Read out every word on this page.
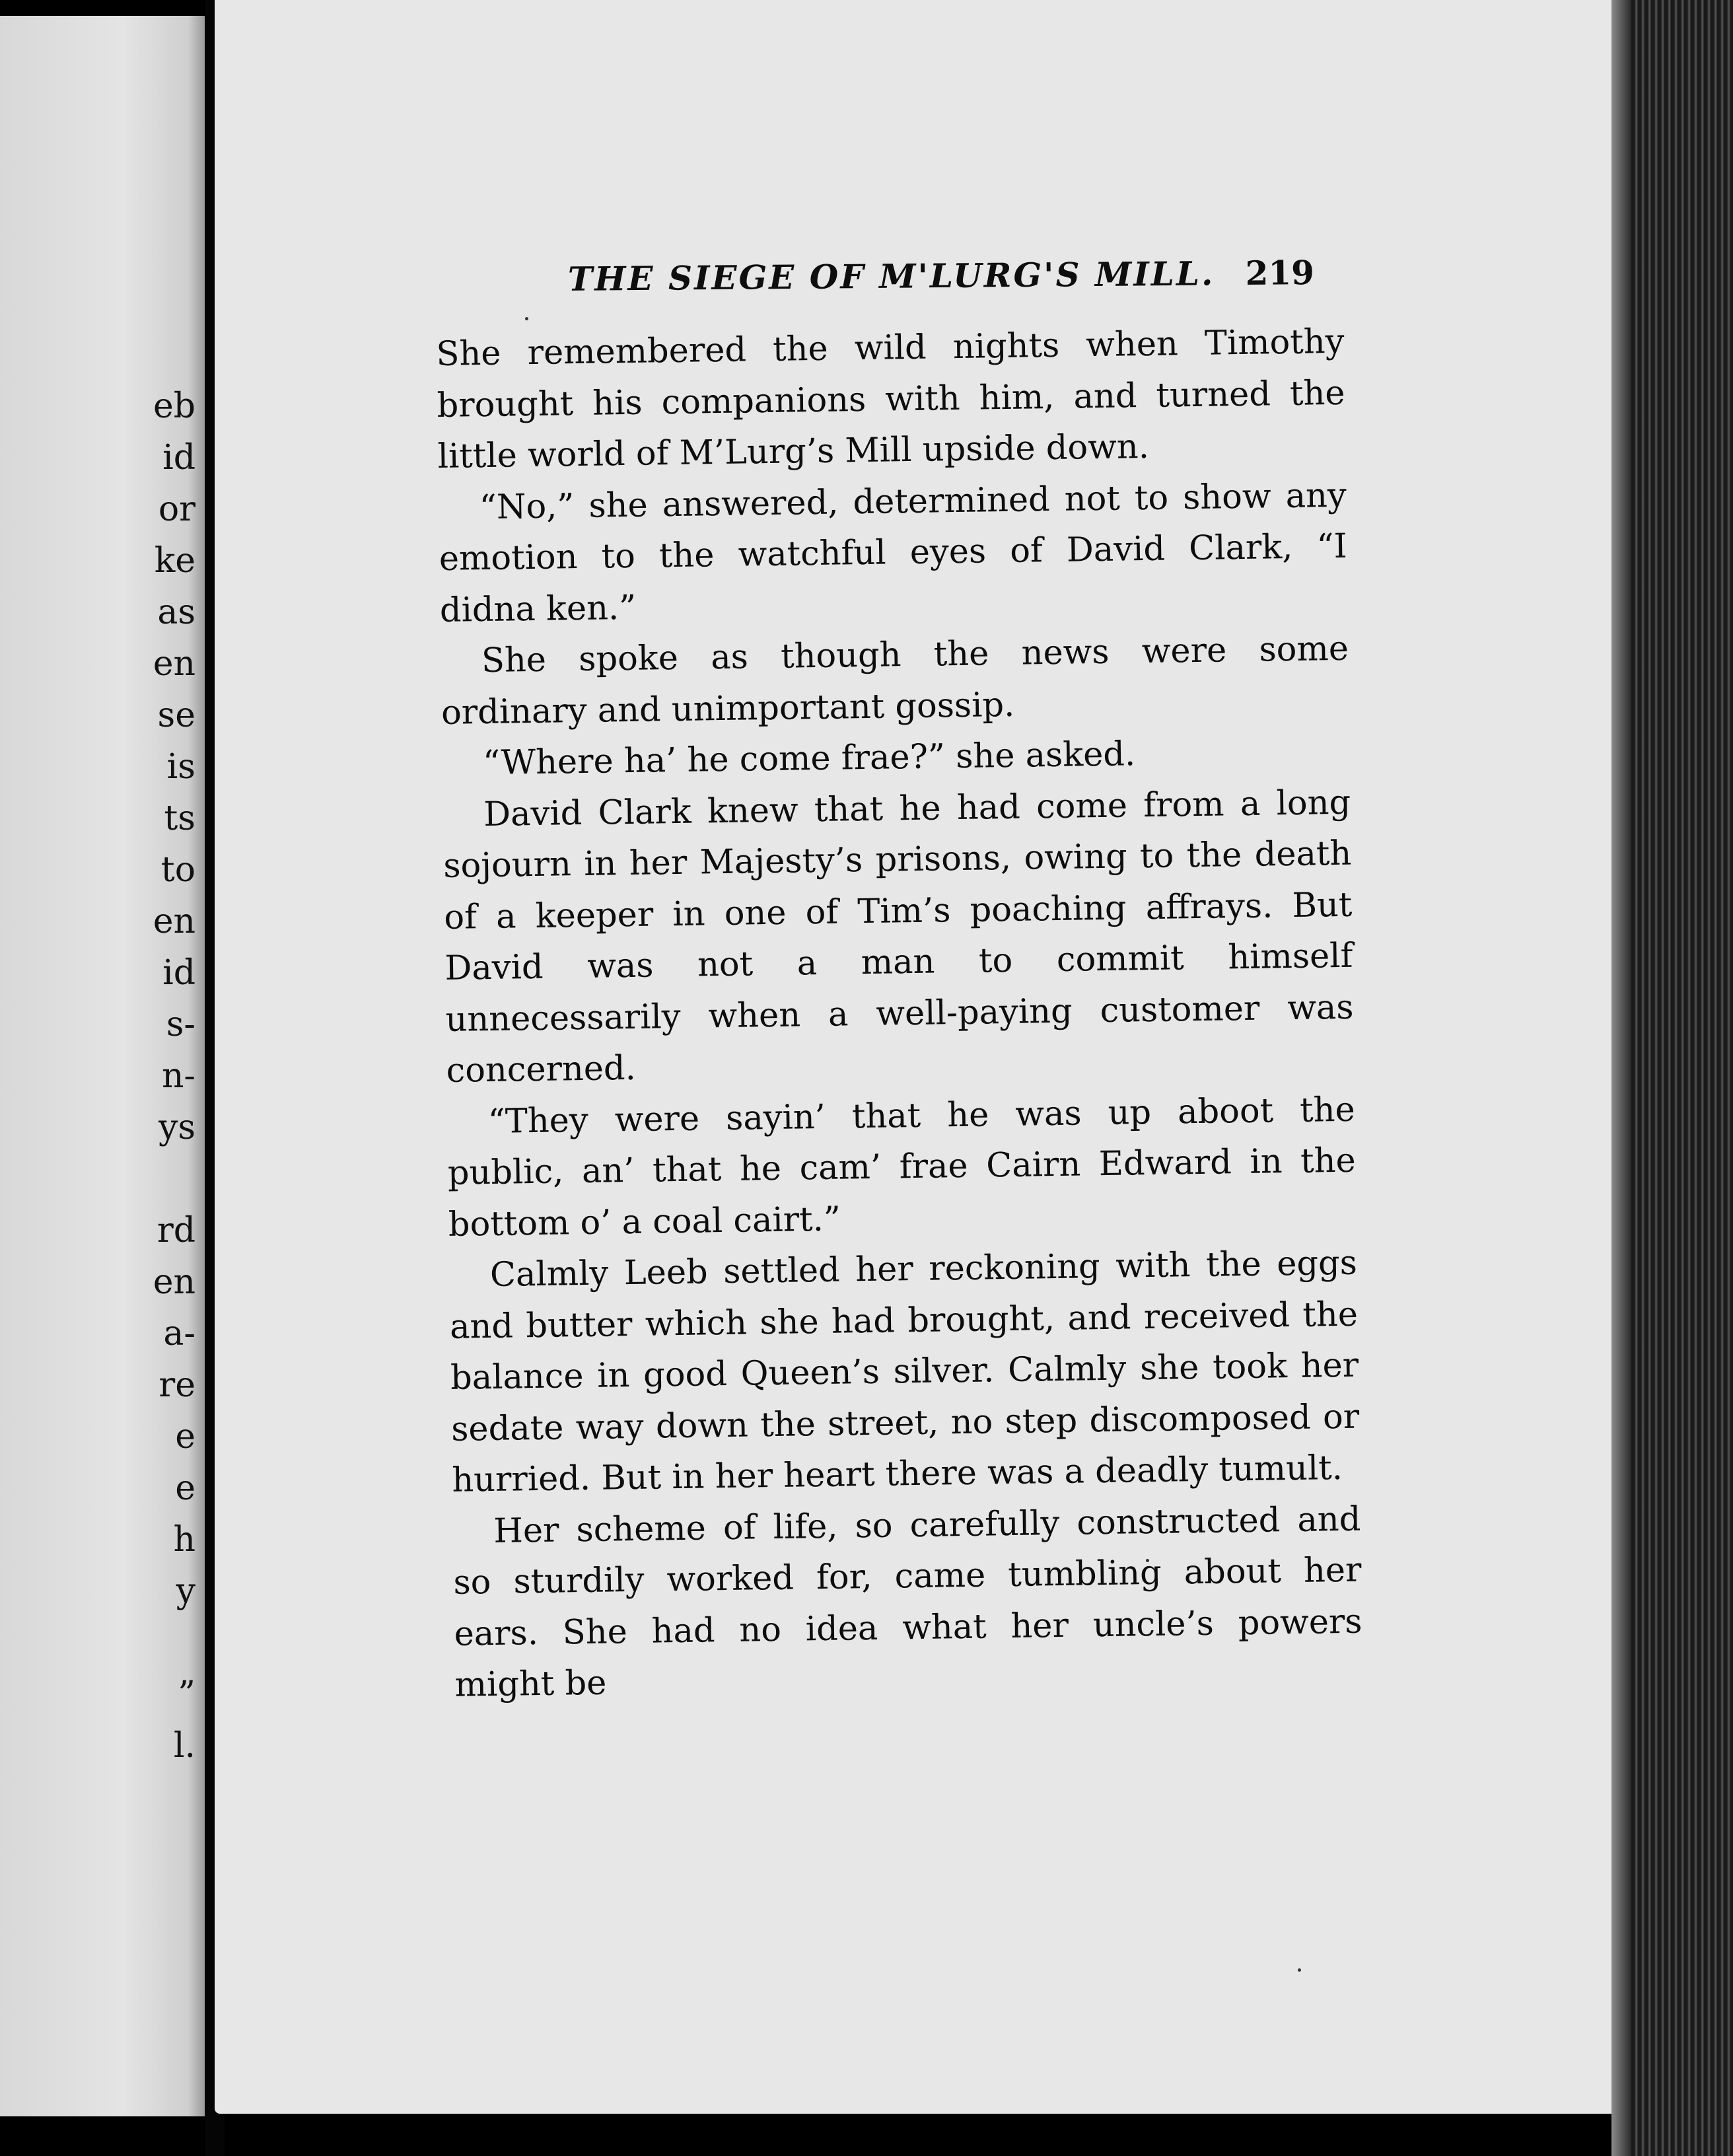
eb
id
or
ke
as
en
se
is
ts
to
en
id
s-
n-
ys
rd
en
a-
re
e
e
h
y
”
l.
THE SIEGE OF M'LURG'S MILL. 219

She remembered the wild nights when Timothy brought his companions with him, and turned the little world of M’Lurg’s Mill upside down.

“No,” she answered, determined not to show any emotion to the watchful eyes of David Clark, “I didna ken.”

She spoke as though the news were some ordinary and unimportant gossip.

“Where ha’ he come frae?” she asked.

David Clark knew that he had come from a long sojourn in her Majesty’s prisons, owing to the death of a keeper in one of Tim’s poaching affrays. But David was not a man to commit himself unnecessarily when a well-paying customer was concerned.

“They were sayin’ that he was up aboot the public, an’ that he cam’ frae Cairn Edward in the bottom o’ a coal cairt.”

Calmly Leeb settled her reckoning with the eggs and butter which she had brought, and received the balance in good Queen’s silver. Calmly she took her sedate way down the street, no step discomposed or hurried. But in her heart there was a deadly tumult.

Her scheme of life, so carefully constructed and so sturdily worked for, came tumbling about her ears. She had no idea what her uncle’s powers might be
